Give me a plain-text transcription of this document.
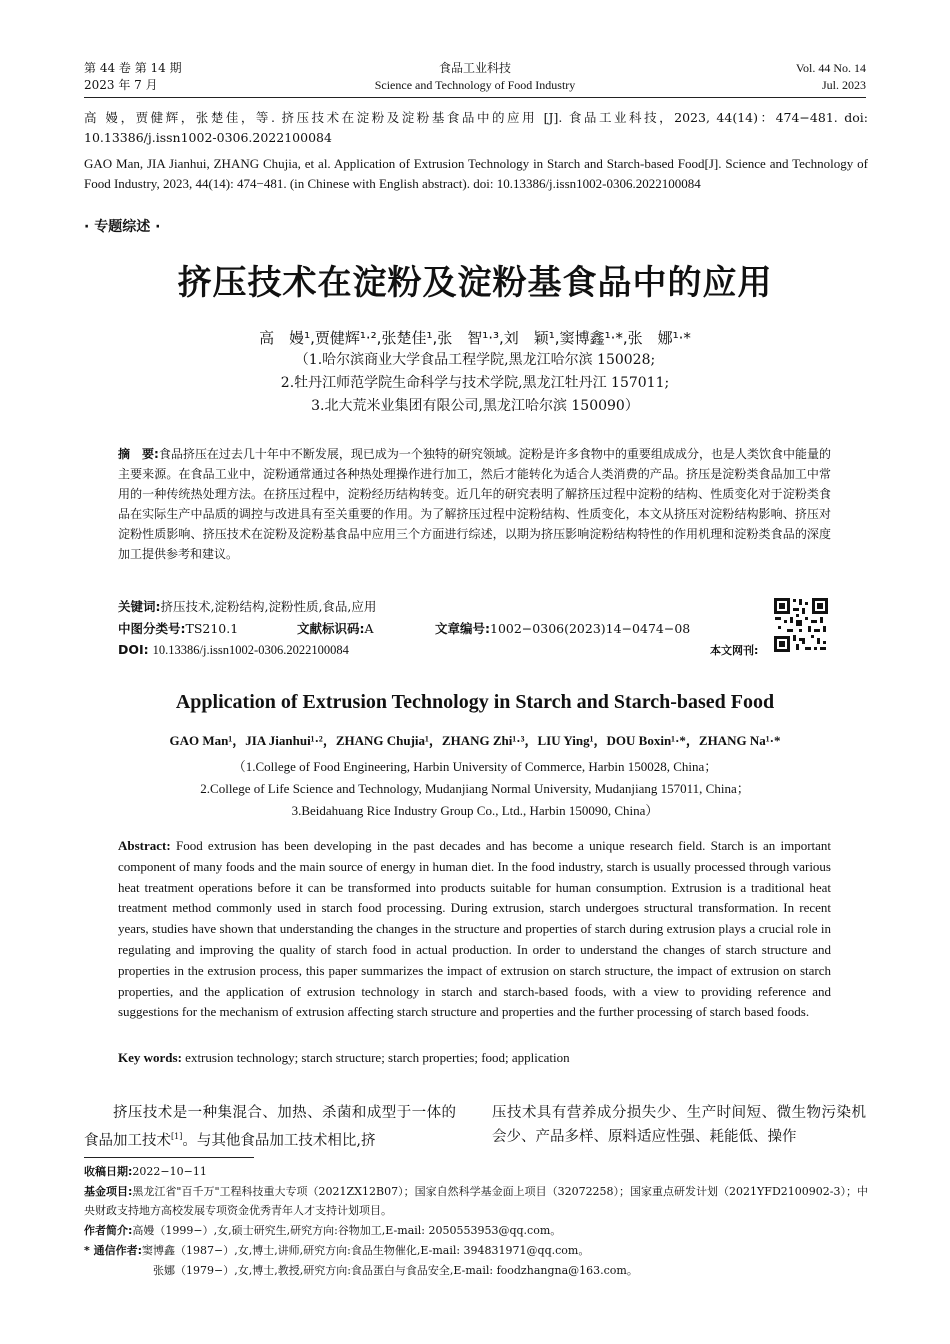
第 44 卷 第 14 期
2023 年 7 月
食品工业科技
Science and Technology of Food Industry
Vol. 44 No. 14
Jul. 2023
高 嫚，贾健辉，张楚佳，等. 挤压技术在淀粉及淀粉基食品中的应用 [J]. 食品工业科技，2023, 44(14)：474−481. doi: 10.13386/j.issn1002-0306.2022100084
GAO Man, JIA Jianhui, ZHANG Chujia, et al. Application of Extrusion Technology in Starch and Starch-based Food[J]. Science and Technology of Food Industry, 2023, 44(14): 474−481. (in Chinese with English abstract). doi: 10.13386/j.issn1002-0306.2022100084
· 专题综述 ·
挤压技术在淀粉及淀粉基食品中的应用
高　嫚¹,贾健辉¹·²,张楚佳¹,张　智¹·³,刘　颖¹,窦博鑫¹·*,张　娜¹·*
（1.哈尔滨商业大学食品工程学院,黑龙江哈尔滨 150028;
2.牡丹江师范学院生命科学与技术学院,黑龙江牡丹江 157011;
3.北大荒米业集团有限公司,黑龙江哈尔滨 150090）
摘　要:食品挤压在过去几十年中不断发展，现已成为一个独特的研究领域。淀粉是许多食物中的重要组成成分，也是人类饮食中能量的主要来源。在食品工业中，淀粉通常通过各种热处理操作进行加工，然后才能转化为适合人类消费的产品。挤压是淀粉类食品加工中常用的一种传统热处理方法。在挤压过程中，淀粉经历结构转变。近几年的研究表明了解挤压过程中淀粉的结构、性质变化对于淀粉类食品在实际生产中品质的调控与改进具有至关重要的作用。为了解挤压过程中淀粉结构、性质变化，本文从挤压对淀粉结构影响、挤压对淀粉性质影响、挤压技术在淀粉及淀粉基食品中应用三个方面进行综述，以期为挤压影响淀粉结构特性的作用机理和淀粉类食品的深度加工提供参考和建议。
关键词:挤压技术,淀粉结构,淀粉性质,食品,应用
中图分类号:TS210.1	文献标识码:A	文章编号:1002−0306(2023)14−0474−08
DOI: 10.13386/j.issn1002-0306.2022100084	本文网刊:
Application of Extrusion Technology in Starch and Starch-based Food
GAO Man¹，JIA Jianhui¹·²，ZHANG Chujia¹，ZHANG Zhi¹·³，LIU Ying¹，DOU Boxin¹·*，ZHANG Na¹·*
（1.College of Food Engineering, Harbin University of Commerce, Harbin 150028, China；
2.College of Life Science and Technology, Mudanjiang Normal University, Mudanjiang 157011, China；
3.Beidahuang Rice Industry Group Co., Ltd., Harbin 150090, China）
Abstract: Food extrusion has been developing in the past decades and has become a unique research field. Starch is an important component of many foods and the main source of energy in human diet. In the food industry, starch is usually processed through various heat treatment operations before it can be transformed into products suitable for human consumption. Extrusion is a traditional heat treatment method commonly used in starch food processing. During extrusion, starch undergoes structural transformation. In recent years, studies have shown that understanding the changes in the structure and properties of starch during extrusion plays a crucial role in regulating and improving the quality of starch food in actual production. In order to understand the changes of starch structure and properties in the extrusion process, this paper summarizes the impact of extrusion on starch structure, the impact of extrusion on starch properties, and the application of extrusion technology in starch and starch-based foods, with a view to providing reference and suggestions for the mechanism of extrusion affecting starch structure and properties and the further processing of starch based foods.
Key words: extrusion technology; starch structure; starch properties; food; application
挤压技术是一种集混合、加热、杀菌和成型于一体的食品加工技术[1]。与其他食品加工技术相比,挤
压技术具有营养成分损失少、生产时间短、微生物污染机会少、产品多样、原料适应性强、耗能低、操作
收稿日期:2022−10−11
基金项目:黑龙江省"百千万"工程科技重大专项（2021ZX12B07）；国家自然科学基金面上项目（32072258）；国家重点研发计划（2021YFD2100902-3）；中央财政支持地方高校发展专项资金优秀青年人才支持计划项目。
作者简介:高嫚（1999−）,女,硕士研究生,研究方向:谷物加工,E-mail: 2050553953@qq.com。
* 通信作者:窦博鑫（1987−）,女,博士,讲师,研究方向:食品生物催化,E-mail: 394831971@qq.com。
张娜（1979−）,女,博士,教授,研究方向:食品蛋白与食品安全,E-mail: foodzhangna@163.com。
